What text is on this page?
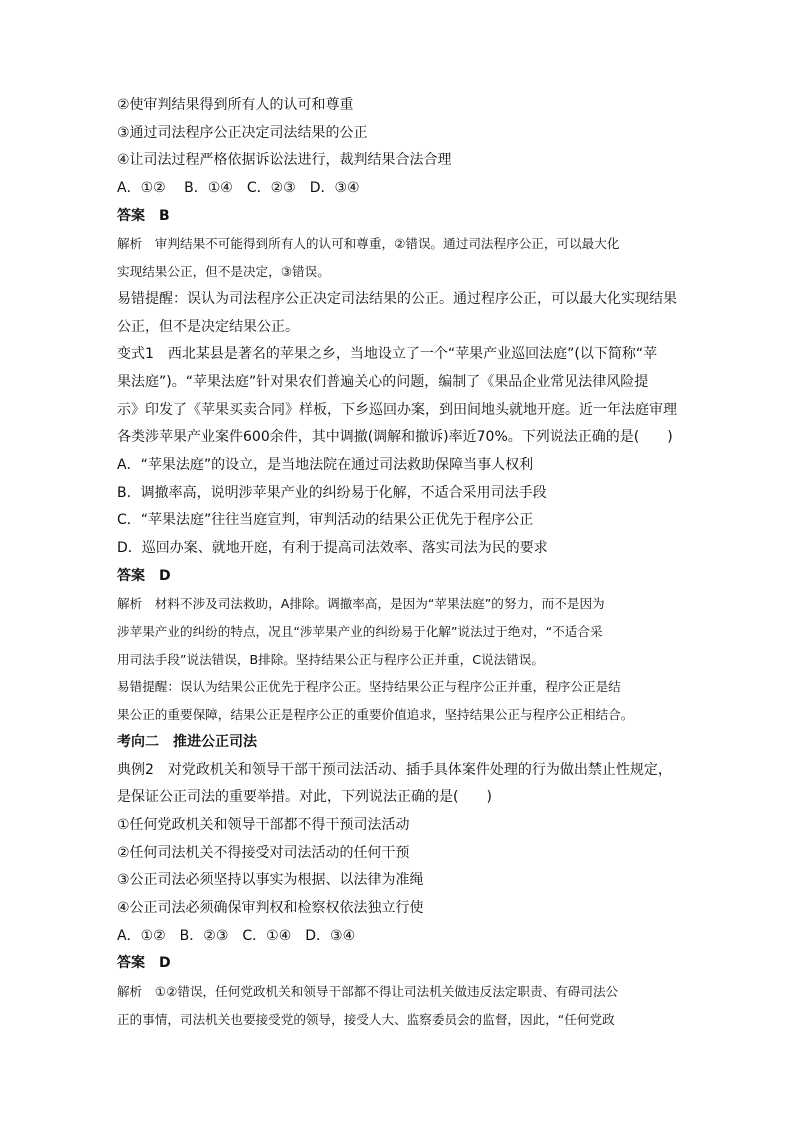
②使审判结果得到所有人的认可和尊重
③通过司法程序公正决定司法结果的公正
④让司法过程严格依据诉讼法进行，裁判结果合法合理
A．①②　 B．①④　C．②③　D．③④
答案　B
解析　审判结果不可能得到所有人的认可和尊重，②错误。通过司法程序公正，可以最大化
实现结果公正，但不是决定，③错误。
易错提醒：误认为司法程序公正决定司法结果的公正。通过程序公正，可以最大化实现结果
公正，但不是决定结果公正。
变式1　西北某县是著名的苹果之乡，当地设立了一个“苹果产业巡回法庭”(以下简称“苹
果法庭”)。“苹果法庭”针对果农们普遍关心的问题，编制了《果品企业常见法律风险提
示》印发了《苹果买卖合同》样板，下乡巡回办案，到田间地头就地开庭。近一年法庭审理
各类涉苹果产业案件600余件，其中调撤(调解和撤诉)率近70%。下列说法正确的是(　　)
A．“苹果法庭”的设立，是当地法院在通过司法救助保障当事人权利
B．调撤率高，说明涉苹果产业的纠纷易于化解，不适合采用司法手段
C．“苹果法庭”往往当庭宣判，审判活动的结果公正优先于程序公正
D．巡回办案、就地开庭，有利于提高司法效率、落实司法为民的要求
答案　D
解析　材料不涉及司法救助，A排除。调撤率高，是因为“苹果法庭”的努力，而不是因为
涉苹果产业的纠纷的特点，况且“涉苹果产业的纠纷易于化解”说法过于绝对，“不适合采
用司法手段”说法错误，B排除。坚持结果公正与程序公正并重，C说法错误。
易错提醒：误认为结果公正优先于程序公正。坚持结果公正与程序公正并重，程序公正是结
果公正的重要保障，结果公正是程序公正的重要价值追求，坚持结果公正与程序公正相结合。
考向二　推进公正司法
典例2　对党政机关和领导干部干预司法活动、插手具体案件处理的行为做出禁止性规定，
是保证公正司法的重要举措。对此，下列说法正确的是(　　)
①任何党政机关和领导干部都不得干预司法活动
②任何司法机关不得接受对司法活动的任何干预
③公正司法必须坚持以事实为根据、以法律为准绳
④公正司法必须确保审判权和检察权依法独立行使
A．①②　B．②③　C．①④　D．③④
答案　D
解析　①②错误，任何党政机关和领导干部都不得让司法机关做违反法定职责、有碍司法公
正的事情，司法机关也要接受党的领导，接受人大、监察委员会的监督，因此，“任何党政
